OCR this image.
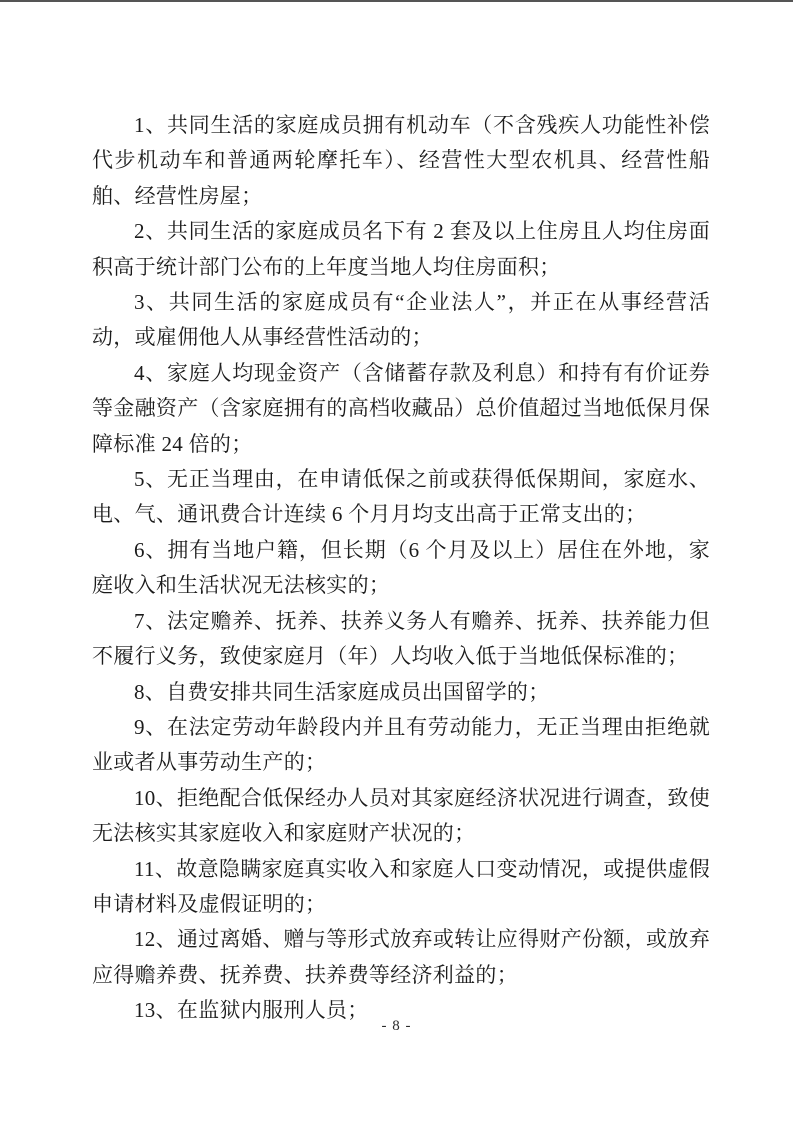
1、共同生活的家庭成员拥有机动车（不含残疾人功能性补偿代步机动车和普通两轮摩托车）、经营性大型农机具、经营性船舶、经营性房屋；

2、共同生活的家庭成员名下有 2 套及以上住房且人均住房面积高于统计部门公布的上年度当地人均住房面积；

3、共同生活的家庭成员有“企业法人”，并正在从事经营活动，或雇佣他人从事经营性活动的；

4、家庭人均现金资产（含储蓄存款及利息）和持有有价证券等金融资产（含家庭拥有的高档收藏品）总价值超过当地低保月保障标准 24 倍的；

5、无正当理由，在申请低保之前或获得低保期间，家庭水、电、气、通讯费合计连续 6 个月月均支出高于正常支出的；

6、拥有当地户籍，但长期（6 个月及以上）居住在外地，家庭收入和生活状况无法核实的；

7、法定赡养、抚养、扶养义务人有赡养、抚养、扶养能力但不履行义务，致使家庭月（年）人均收入低于当地低保标准的；

8、自费安排共同生活家庭成员出国留学的；

9、在法定劳动年龄段内并且有劳动能力，无正当理由拒绝就业或者从事劳动生产的；

10、拒绝配合低保经办人员对其家庭经济状况进行调查，致使无法核实其家庭收入和家庭财产状况的；

11、故意隐瞒家庭真实收入和家庭人口变动情况，或提供虚假申请材料及虚假证明的；

12、通过离婚、赠与等形式放弃或转让应得财产份额，或放弃应得赡养费、抚养费、扶养费等经济利益的；

13、在监狱内服刑人员；

- 8 -
